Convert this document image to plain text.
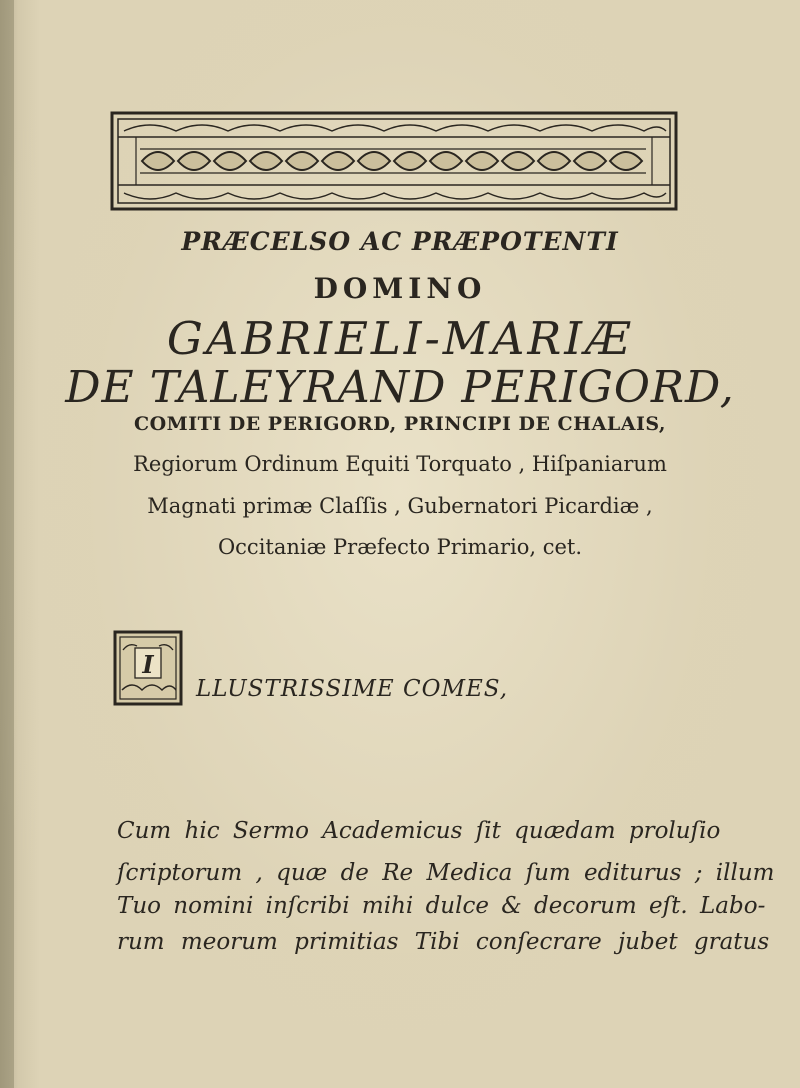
PRÆCELSO AC PRÆPOTENTI
DOMINO
GABRIELI-MARIÆ
DE TALEYRAND PERIGORD,
COMITI DE PERIGORD, PRINCIPI DE CHALAIS,
Regiorum Ordinum Equiti Torquato , Hiſpaniarum
Magnati primæ Claſſis , Gubernatori Picardiæ ,
Occitaniæ Præfecto Primario, cet.
I
LLUSTRISSIME COMES,
Cum hic Sermo Academicus ſit quædam proluſio
ſcriptorum , quæ de Re Medica ſum editurus ; illum
Tuo nomini inſcribi mihi dulce & decorum eſt. Labo-
rum meorum primitias Tibi conſecrare jubet gratus
